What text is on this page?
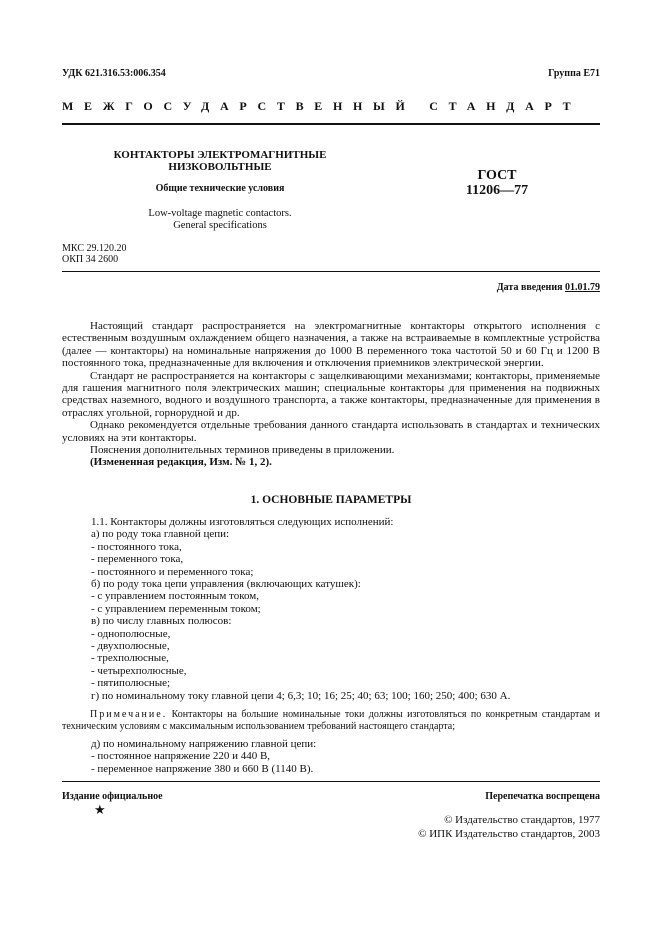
УДК 621.316.53:006.354	Группа Е71
МЕЖГОСУДАРСТВЕННЫЙ СТАНДАРТ
КОНТАКТОРЫ ЭЛЕКТРОМАГНИТНЫЕ
НИЗКОВОЛЬТНЫЕ
Общие технические условия
Low-voltage magnetic contactors.
General specifications
ГОСТ
11206—77
МКС 29.120.20
ОКП 34 2600
Дата введения 01.01.79
Настоящий стандарт распространяется на электромагнитные контакторы открытого исполнения с естественным воздушным охлаждением общего назначения, а также на встраиваемые в комплектные устройства (далее — контакторы) на номинальные напряжения до 1000 В переменного тока частотой 50 и 60 Гц и 1200 В постоянного тока, предназначенные для включения и отключения приемников электрической энергии.
Стандарт не распространяется на контакторы с защелкивающими механизмами; контакторы, применяемые для гашения магнитного поля электрических машин; специальные контакторы для применения на подвижных средствах наземного, водного и воздушного транспорта, а также контакторы, предназначенные для применения в отраслях угольной, горнорудной и др.
Однако рекомендуется отдельные требования данного стандарта использовать в стандартах и технических условиях на эти контакторы.
Пояснения дополнительных терминов приведены в приложении.
(Измененная редакция, Изм. № 1, 2).
1. ОСНОВНЫЕ ПАРАМЕТРЫ
1.1. Контакторы должны изготовляться следующих исполнений:
а) по роду тока главной цепи:
- постоянного тока,
- переменного тока,
- постоянного и переменного тока;
б) по роду тока цепи управления (включающих катушек):
- с управлением постоянным током,
- с управлением переменным током;
в) по числу главных полюсов:
- однополюсные,
- двухполюсные,
- трехполюсные,
- четырехполюсные,
- пятиполюсные;
г) по номинальному току главной цепи 4; 6,3; 10; 16; 25; 40; 63; 100; 160; 250; 400; 630 А.
Примечание. Контакторы на большие номинальные токи должны изготовляться по конкретным стандартам и техническим условиям с максимальным использованием требований настоящего стандарта;
д) по номинальному напряжению главной цепи:
- постоянное напряжение 220 и 440 В,
- переменное напряжение 380 и 660 В (1140 В).
Издание официальное	Перепечатка воспрещена
★
© Издательство стандартов, 1977
© ИПК Издательство стандартов, 2003
